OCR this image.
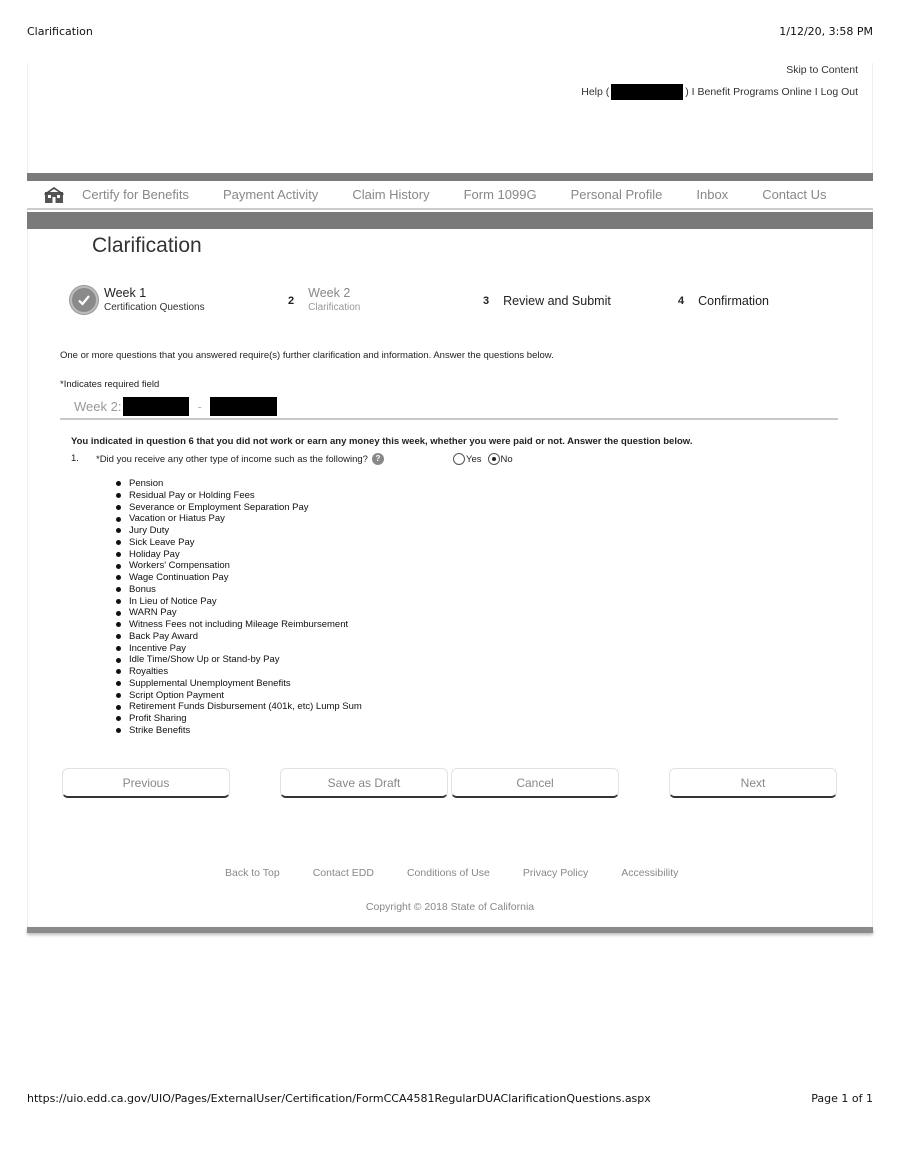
Clarification	1/12/20, 3:58 PM
https://uio.edd.ca.gov/UIO/Pages/ExternalUser/Certification/FormCCA4581RegularDUAClarificationQuestions.aspx	Page 1 of 1
Skip to Content
Help (	) I Benefit Programs Online I Log Out
Certify for Benefits	Payment Activity	Claim History	Form 1099G	Personal Profile	Inbox	Contact Us
Clarification
Week 1
Certification Questions
2
Week 2
Clarification
3 Review and Submit	4 Confirmation
One or more questions that you answered require(s) further clarification and information. Answer the questions below.
*Indicates required field
Week 2:	-
You indicated in question 6 that you did not work or earn any money this week, whether you were paid or not. Answer the question below.
1. *Did you receive any other type of income such as the following? ?	Yes No
Pension
Residual Pay or Holding Fees
Severance or Employment Separation Pay
Vacation or Hiatus Pay
Jury Duty
Sick Leave Pay
Holiday Pay
Workers' Compensation
Wage Continuation Pay
Bonus
In Lieu of Notice Pay
WARN Pay
Witness Fees not including Mileage Reimbursement
Back Pay Award
Incentive Pay
Idle Time/Show Up or Stand-by Pay
Royalties
Supplemental Unemployment Benefits
Script Option Payment
Retirement Funds Disbursement (401k, etc) Lump Sum
Profit Sharing
Strike Benefits
Previous	Save as Draft	Cancel	Next
Back to Top	Contact EDD	Conditions of Use	Privacy Policy	Accessibility
Copyright © 2018 State of California
